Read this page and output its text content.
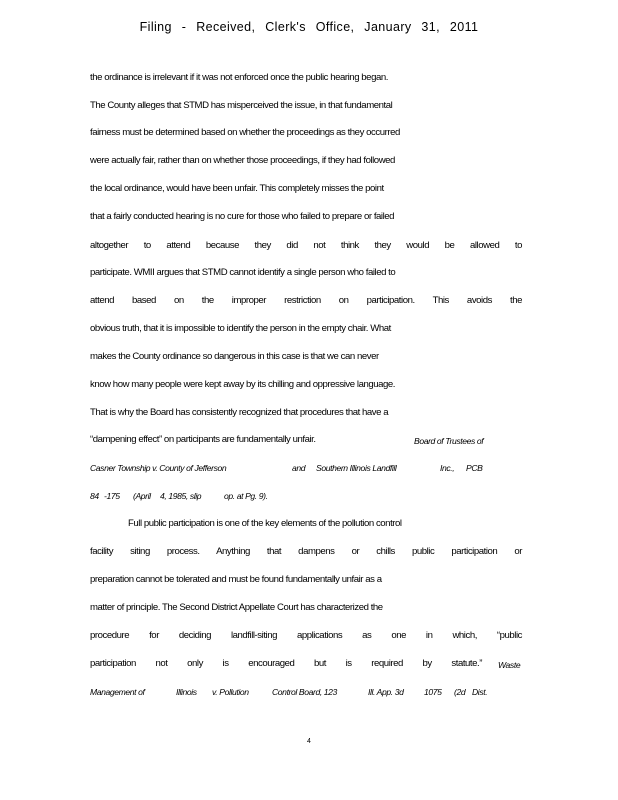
Filing - Received, Clerk's Office, January 31, 2011
the ordinance is irrelevant if it was not enforced once the public hearing began.
The County alleges that STMD has misperceived the issue, in that fundamental
fairness must be determined based on whether the proceedings as they occurred
were actually fair, rather than on whether those proceedings, if they had followed
the local ordinance, would have been unfair. This completely misses the point
that a fairly conducted hearing is no cure for those who failed to prepare or failed
altogether to attend because they did not think they would be allowed to
participate. WMII argues that STMD cannot identify a single person who failed to
attend based on the improper restriction on participation. This avoids the
obvious truth, that it is impossible to identify the person in the empty chair. What
makes the County ordinance so dangerous in this case is that we can never
know how many people were kept away by its chilling and oppressive language.
That is why the Board has consistently recognized that procedures that have a
“dampening effect” on participants are fundamentally unfair.	Board of Trustees of
Casner Township v. County of Jefferson	and Southern Illinois Landfill	Inc., PCB
84 -175 (April 4, 1985, slip	op. at Pg. 9).
Full public participation is one of the key elements of the pollution control
facility siting process. Anything that dampens or chills public participation or
preparation cannot be tolerated and must be found fundamentally unfair as a
matter of principle. The Second District Appellate Court has characterized the
procedure for deciding landfill-siting applications as one in which, “public
participation not only is encouraged but is required by statute.” Waste
Management of	Illinois v. Pollution	Control Board, 123	Ill. App. 3d 1075 (2d Dist.
4
